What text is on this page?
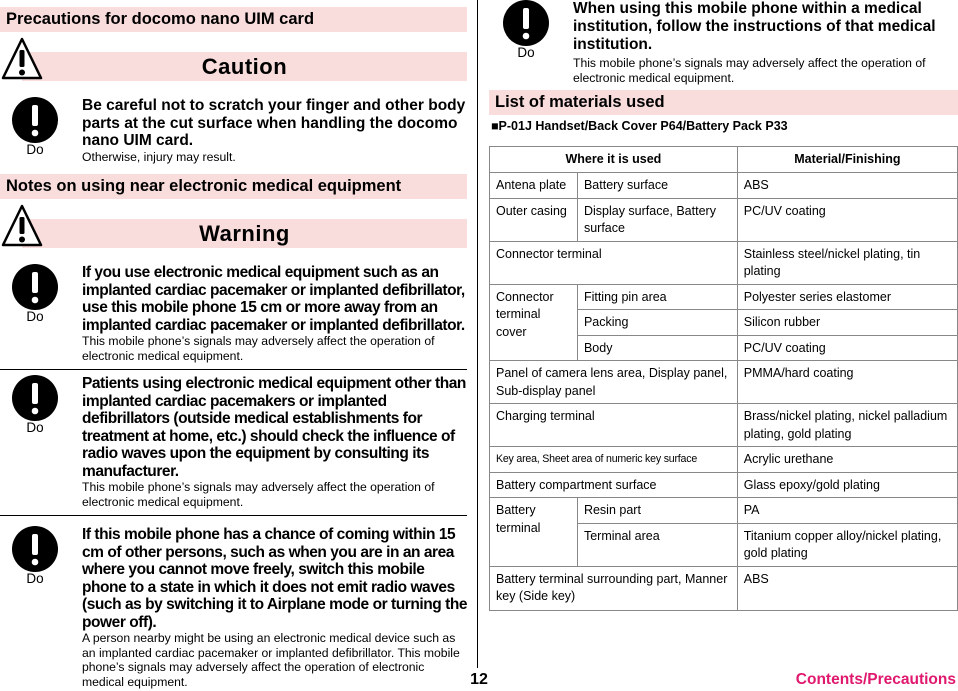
Precautions for docomo nano UIM card
Caution
Do
Be careful not to scratch your finger and other body parts at the cut surface when handling the docomo nano UIM card.
Otherwise, injury may result.
Notes on using near electronic medical equipment
Warning
Do
If you use electronic medical equipment such as an implanted cardiac pacemaker or implanted defibrillator, use this mobile phone 15 cm or more away from an implanted cardiac pacemaker or implanted defibrillator.
This mobile phone’s signals may adversely affect the operation of electronic medical equipment.
Do
Patients using electronic medical equipment other than implanted cardiac pacemakers or implanted defibrillators (outside medical establishments for treatment at home, etc.) should check the influence of radio waves upon the equipment by consulting its manufacturer.
This mobile phone’s signals may adversely affect the operation of electronic medical equipment.
Do
If this mobile phone has a chance of coming within 15 cm of other persons, such as when you are in an area where you cannot move freely, switch this mobile phone to a state in which it does not emit radio waves (such as by switching it to Airplane mode or turning the power off).
A person nearby might be using an electronic medical device such as an implanted cardiac pacemaker or implanted defibrillator. This mobile phone’s signals may adversely affect the operation of electronic medical equipment.
Do
When using this mobile phone within a medical institution, follow the instructions of that medical institution.
This mobile phone’s signals may adversely affect the operation of electronic medical equipment.
List of materials used
■P-01J Handset/Back Cover P64/Battery Pack P33
Where it is used		Material/Finishing
Antena plate	Battery surface	ABS
Outer casing	Display surface, Battery surface	PC/UV coating
Connector terminal		Stainless steel/nickel plating, tin plating
Connector terminal cover	Fitting pin area	Polyester series elastomer
	Packing	Silicon rubber
	Body	PC/UV coating
Panel of camera lens area, Display panel, Sub-display panel		PMMA/hard coating
Charging terminal		Brass/nickel plating, nickel palladium plating, gold plating
Key area, Sheet area of numeric key surface		Acrylic urethane
Battery compartment surface		Glass epoxy/gold plating
Battery terminal	Resin part	PA
	Terminal area	Titanium copper alloy/nickel plating, gold plating
Battery terminal surrounding part, Manner key (Side key)		ABS
12	Contents/Precautions
